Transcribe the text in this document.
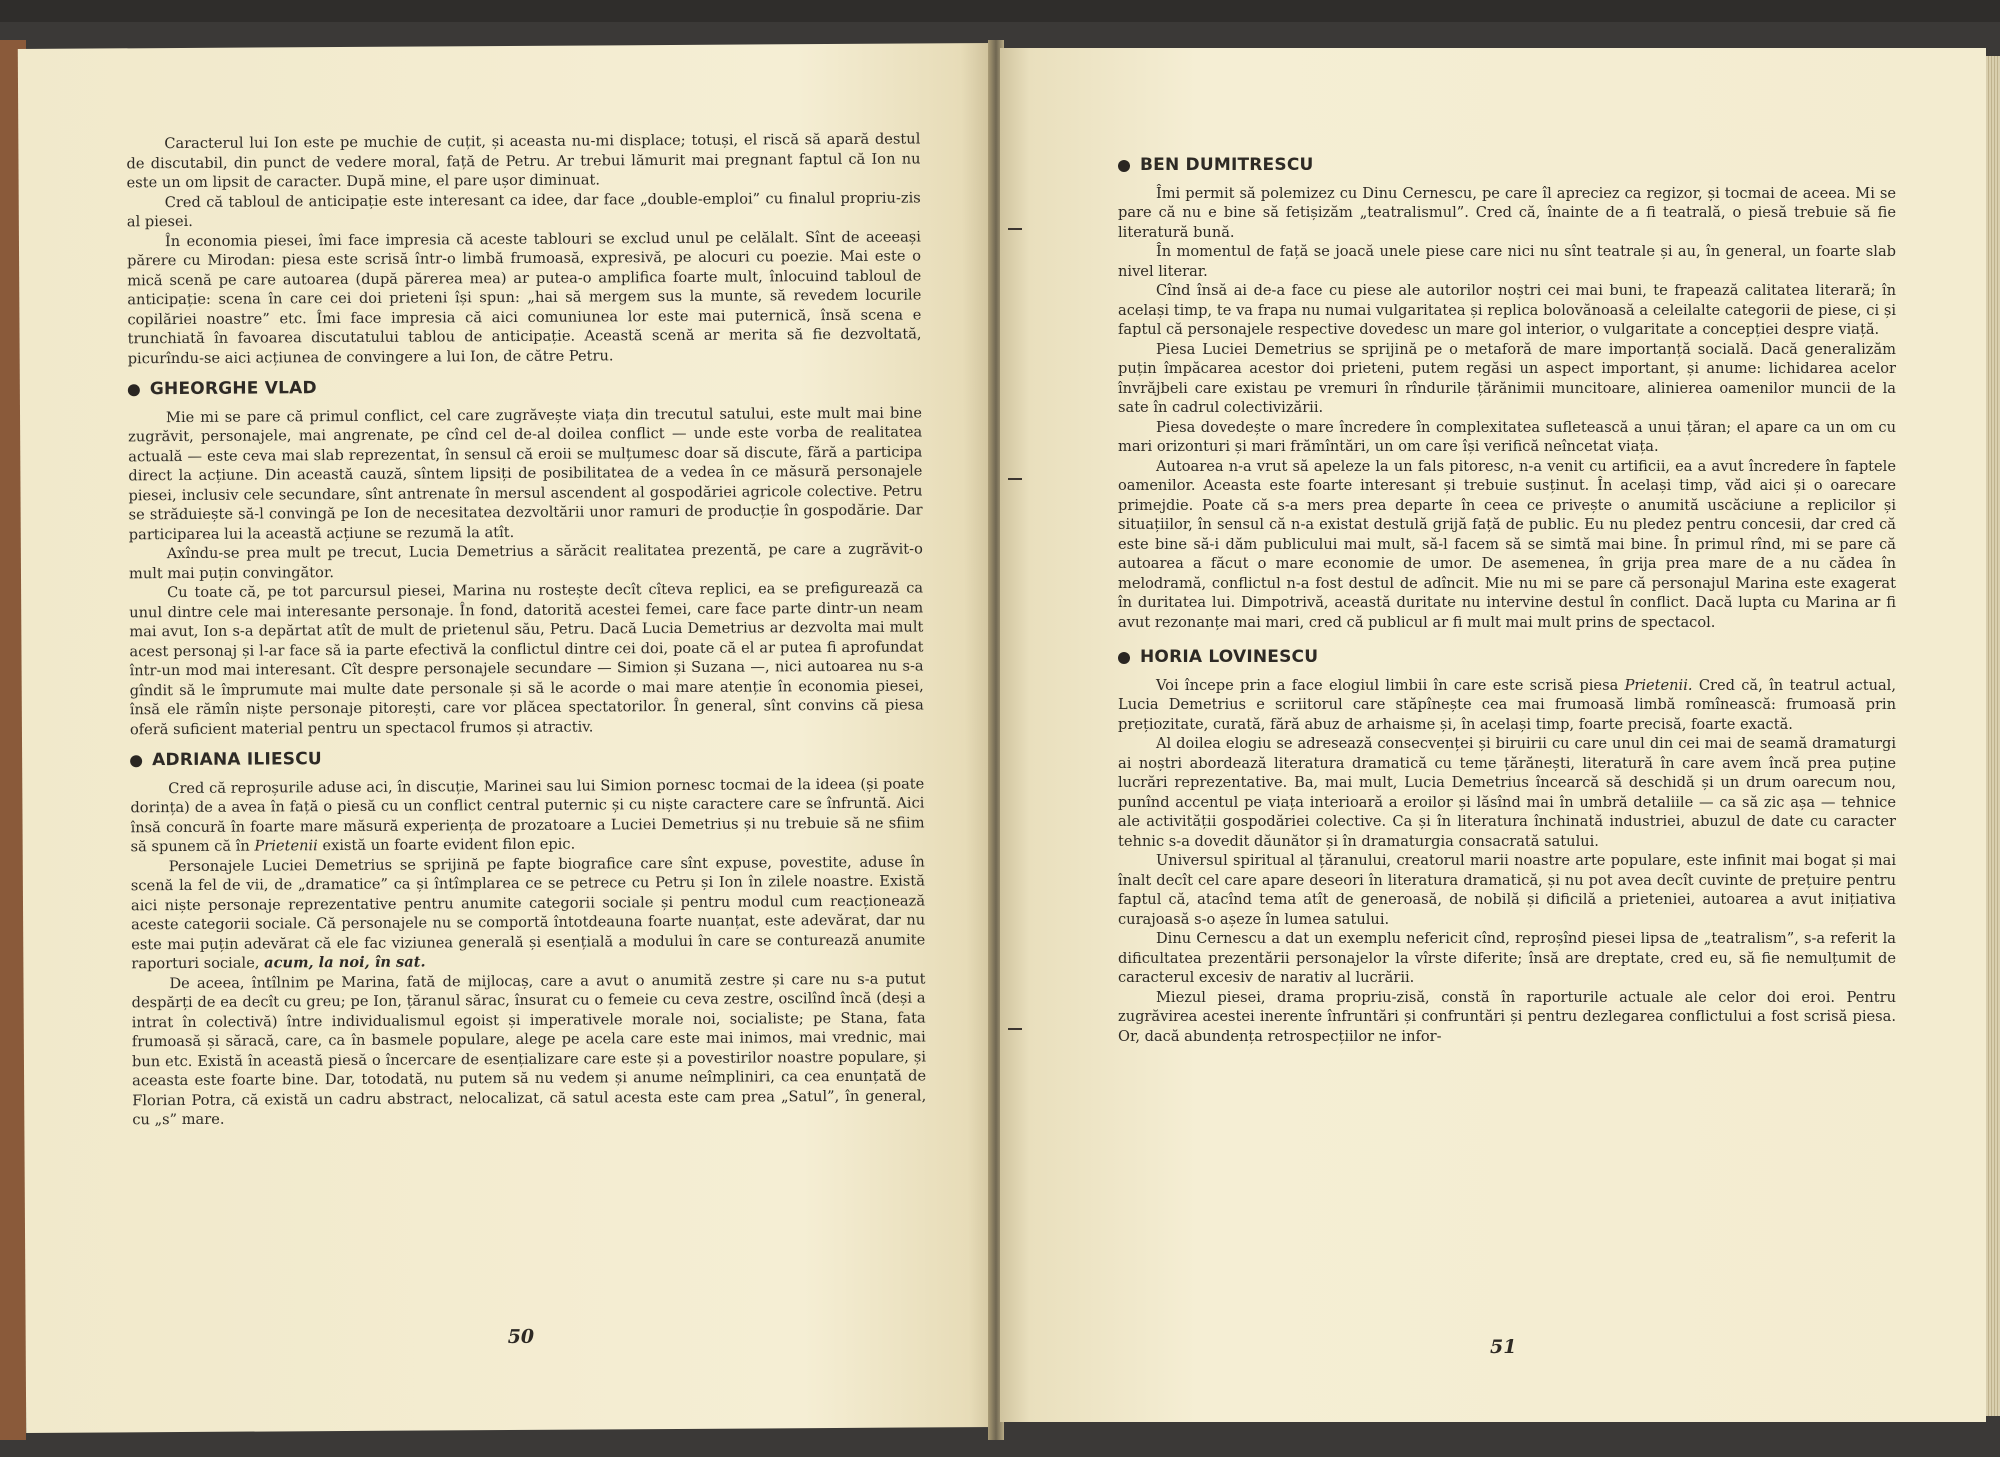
Caracterul lui Ion este pe muchie de cuțit, și aceasta nu-mi displace; totuși, el riscă să apară destul de discutabil, din punct de vedere moral, față de Petru. Ar trebui lămurit mai pregnant faptul că Ion nu este un om lipsit de caracter. După mine, el pare ușor diminuat.

Cred că tabloul de anticipație este interesant ca idee, dar face „double-emploi” cu finalul propriu-zis al piesei.

În economia piesei, îmi face impresia că aceste tablouri se exclud unul pe celălalt. Sînt de aceeași părere cu Mirodan: piesa este scrisă într-o limbă frumoasă, expresivă, pe alocuri cu poezie. Mai este o mică scenă pe care autoarea (după părerea mea) ar putea-o amplifica foarte mult, înlocuind tabloul de anticipație: scena în care cei doi prieteni își spun: „hai să mergem sus la munte, să revedem locurile copilăriei noastre” etc. Îmi face impresia că aici comuniunea lor este mai puternică, însă scena e trunchiată în favoarea discutatului tablou de anticipație. Această scenă ar merita să fie dezvoltată, picurîndu-se aici acțiunea de convingere a lui Ion, de către Petru.

GHEORGHE VLAD

Mie mi se pare că primul conflict, cel care zugrăvește viața din trecutul satului, este mult mai bine zugrăvit, personajele, mai angrenate, pe cînd cel de-al doilea conflict — unde este vorba de realitatea actuală — este ceva mai slab reprezentat, în sensul că eroii se mulțumesc doar să discute, fără a participa direct la acțiune. Din această cauză, sîntem lipsiți de posibilitatea de a vedea în ce măsură personajele piesei, inclusiv cele secundare, sînt antrenate în mersul ascendent al gospodăriei agricole colective. Petru se străduiește să-l convingă pe Ion de necesitatea dezvoltării unor ramuri de producție în gospodărie. Dar participarea lui la această acțiune se rezumă la atît.

Axîndu-se prea mult pe trecut, Lucia Demetrius a sărăcit realitatea prezentă, pe care a zugrăvit-o mult mai puțin convingător.

Cu toate că, pe tot parcursul piesei, Marina nu rostește decît cîteva replici, ea se prefigurează ca unul dintre cele mai interesante personaje. În fond, datorită acestei femei, care face parte dintr-un neam mai avut, Ion s-a depărtat atît de mult de prietenul său, Petru. Dacă Lucia Demetrius ar dezvolta mai mult acest personaj și l-ar face să ia parte efectivă la conflictul dintre cei doi, poate că el ar putea fi aprofundat într-un mod mai interesant. Cît despre personajele secundare — Simion și Suzana —, nici autoarea nu s-a gîndit să le împrumute mai multe date personale și să le acorde o mai mare atenție în economia piesei, însă ele rămîn niște personaje pitorești, care vor plăcea spectatorilor. În general, sînt convins că piesa oferă suficient material pentru un spectacol frumos și atractiv.

ADRIANA ILIESCU

Cred că reproșurile aduse aci, în discuție, Marinei sau lui Simion pornesc tocmai de la ideea (și poate dorința) de a avea în față o piesă cu un conflict central puternic și cu niște caractere care se înfruntă. Aici însă concură în foarte mare măsură experiența de prozatoare a Luciei Demetrius și nu trebuie să ne sfiim să spunem că în Prietenii există un foarte evident filon epic.

Personajele Luciei Demetrius se sprijină pe fapte biografice care sînt expuse, povestite, aduse în scenă la fel de vii, de „dramatice” ca și întîmplarea ce se petrece cu Petru și Ion în zilele noastre. Există aici niște personaje reprezentative pentru anumite categorii sociale și pentru modul cum reacționează aceste categorii sociale. Că personajele nu se comportă întotdeauna foarte nuanțat, este adevărat, dar nu este mai puțin adevărat că ele fac viziunea generală și esențială a modului în care se conturează anumite raporturi sociale, acum, la noi, în sat.

De aceea, întîlnim pe Marina, fată de mijlocaș, care a avut o anumită zestre și care nu s-a putut despărți de ea decît cu greu; pe Ion, țăranul sărac, însurat cu o femeie cu ceva zestre, oscilînd încă (deși a intrat în colectivă) între individualismul egoist și imperativele morale noi, socialiste; pe Stana, fata frumoasă și săracă, care, ca în basmele populare, alege pe acela care este mai inimos, mai vrednic, mai bun etc. Există în această piesă o încercare de esențializare care este și a povestirilor noastre populare, și aceasta este foarte bine. Dar, totodată, nu putem să nu vedem și anume neîmpliniri, ca cea enunțată de Florian Potra, că există un cadru abstract, nelocalizat, că satul acesta este cam prea „Satul”, în general, cu „s” mare.

50
BEN DUMITRESCU

Îmi permit să polemizez cu Dinu Cernescu, pe care îl apreciez ca regizor, și tocmai de aceea. Mi se pare că nu e bine să fetișizăm „teatralismul”. Cred că, înainte de a fi teatrală, o piesă trebuie să fie literatură bună.

În momentul de față se joacă unele piese care nici nu sînt teatrale și au, în general, un foarte slab nivel literar.

Cînd însă ai de-a face cu piese ale autorilor noștri cei mai buni, te frapează calitatea literară; în același timp, te va frapa nu numai vulgaritatea și replica bolovănoasă a celeilalte categorii de piese, ci și faptul că personajele respective dovedesc un mare gol interior, o vulgaritate a concepției despre viață.

Piesa Luciei Demetrius se sprijină pe o metaforă de mare importanță socială. Dacă generalizăm puțin împăcarea acestor doi prieteni, putem regăsi un aspect important, și anume: lichidarea acelor învrăjbeli care existau pe vremuri în rîndurile țărănimii muncitoare, alinierea oamenilor muncii de la sate în cadrul colectivizării.

Piesa dovedește o mare încredere în complexitatea sufletească a unui țăran; el apare ca un om cu mari orizonturi și mari frămîntări, un om care își verifică neîncetat viața.

Autoarea n-a vrut să apeleze la un fals pitoresc, n-a venit cu artificii, ea a avut încredere în faptele oamenilor. Aceasta este foarte interesant și trebuie susținut. În același timp, văd aici și o oarecare primejdie. Poate că s-a mers prea departe în ceea ce privește o anumită uscăciune a replicilor și situațiilor, în sensul că n-a existat destulă grijă față de public. Eu nu pledez pentru concesii, dar cred că este bine să-i dăm publicului mai mult, să-l facem să se simtă mai bine. În primul rînd, mi se pare că autoarea a făcut o mare economie de umor. De asemenea, în grija prea mare de a nu cădea în melodramă, conflictul n-a fost destul de adîncit. Mie nu mi se pare că personajul Marina este exagerat în duritatea lui. Dimpotrivă, această duritate nu intervine destul în conflict. Dacă lupta cu Marina ar fi avut rezonanțe mai mari, cred că publicul ar fi mult mai mult prins de spectacol.

HORIA LOVINESCU

Voi începe prin a face elogiul limbii în care este scrisă piesa Prietenii. Cred că, în teatrul actual, Lucia Demetrius e scriitorul care stăpînește cea mai frumoasă limbă romînească: frumoasă prin prețiozitate, curată, fără abuz de arhaisme și, în același timp, foarte precisă, foarte exactă.

Al doilea elogiu se adresează consecvenței și biruirii cu care unul din cei mai de seamă dramaturgi ai noștri abordează literatura dramatică cu teme țărănești, literatură în care avem încă prea puține lucrări reprezentative. Ba, mai mult, Lucia Demetrius încearcă să deschidă și un drum oarecum nou, punînd accentul pe viața interioară a eroilor și lăsînd mai în umbră detaliile — ca să zic așa — tehnice ale activității gospodăriei colective. Ca și în literatura închinată industriei, abuzul de date cu caracter tehnic s-a dovedit dăunător și în dramaturgia consacrată satului.

Universul spiritual al țăranului, creatorul marii noastre arte populare, este infinit mai bogat și mai înalt decît cel care apare deseori în literatura dramatică, și nu pot avea decît cuvinte de prețuire pentru faptul că, atacînd tema atît de generoasă, de nobilă și dificilă a prieteniei, autoarea a avut inițiativa curajoasă s-o așeze în lumea satului.

Dinu Cernescu a dat un exemplu nefericit cînd, reproșînd piesei lipsa de „teatralism”, s-a referit la dificultatea prezentării personajelor la vîrste diferite; însă are dreptate, cred eu, să fie nemulțumit de caracterul excesiv de narativ al lucrării.

Miezul piesei, drama propriu-zisă, constă în raporturile actuale ale celor doi eroi. Pentru zugrăvirea acestei inerente înfruntări și confruntări și pentru dezlegarea conflictului a fost scrisă piesa. Or, dacă abundența retrospecțiilor ne infor-

51
